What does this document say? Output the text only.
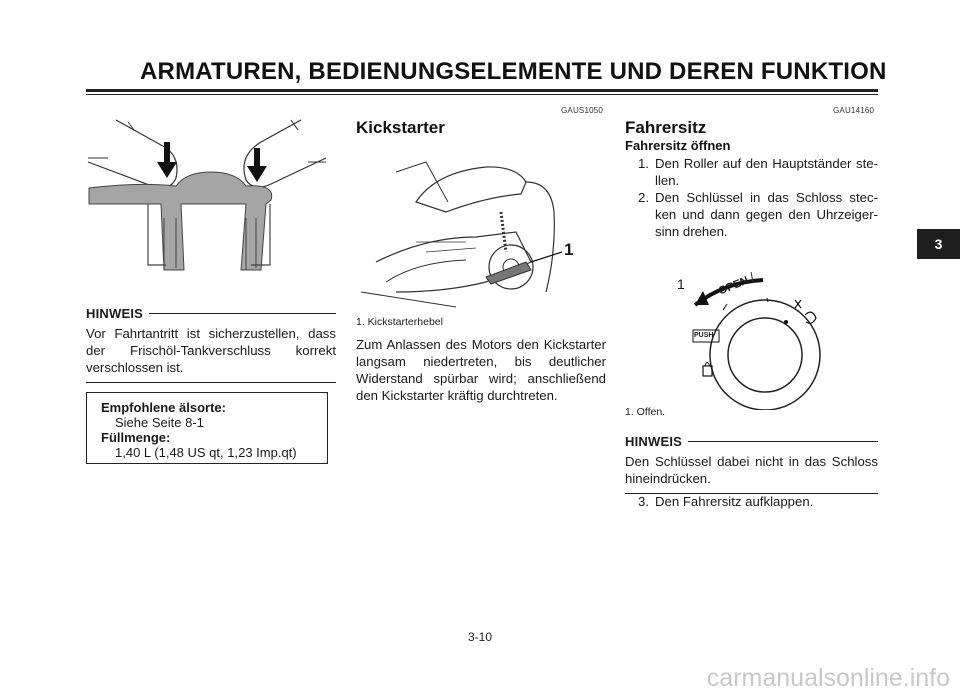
ARMATUREN, BEDIENUNGSELEMENTE UND DEREN FUNKTION
3
HINWEIS
Vor Fahrtantritt ist sicherzustellen, dass der Frischöl-Tankverschluss korrekt verschlossen ist.
Empfohlene älsorte:
Siehe Seite 8-1
Füllmenge:
1,40 L (1,48 US qt, 1,23 Imp.qt)
GAUS1050
Kickstarter
1
1. Kickstarterhebel
Zum Anlassen des Motors den Kickstarter langsam niedertreten, bis deutlicher Widerstand spürbar wird; anschließend den Kickstarter kräftig durchtreten.
GAU14160
Fahrersitz
Fahrersitz öffnen
1. Den Roller auf den Hauptständer ste-llen.
2. Den Schlüssel in das Schloss stec-ken und dann gegen den Uhrzeiger-sinn drehen.
1	OPEN
PUSH
1. Offen.
HINWEIS
Den Schlüssel dabei nicht in das Schloss hineindrücken.
3. Den Fahrersitz aufklappen.
3-10
carmanualsonline.info
